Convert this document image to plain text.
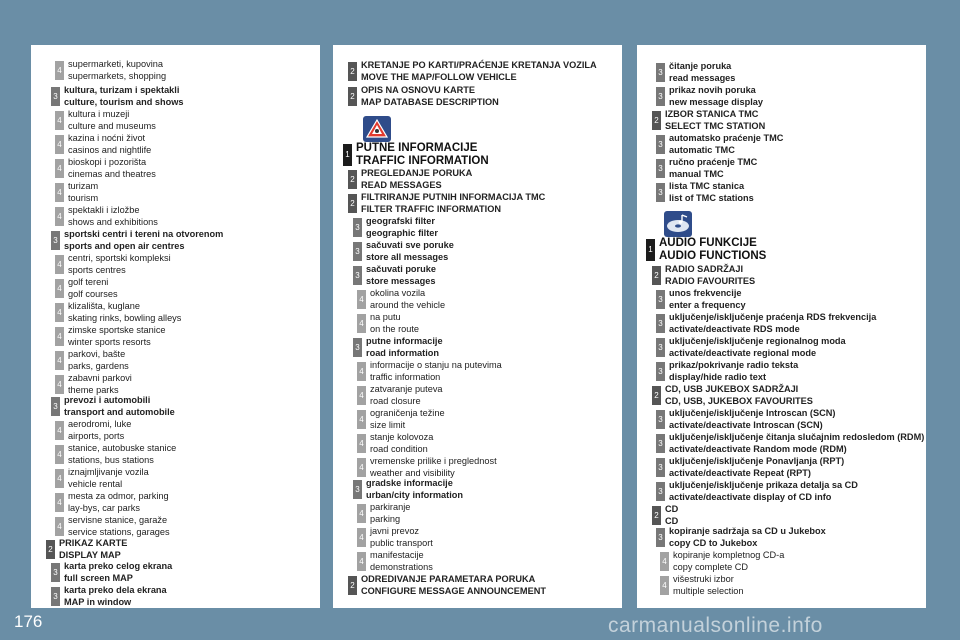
4
supermarketi, kupovina
supermarkets, shopping
3
kultura, turizam i spektakli
culture, tourism and shows
4
kultura i muzeji
culture and museums
4
kazina i noćni život
casinos and nightlife
4
bioskopi i pozorišta
cinemas and theatres
4
turizam
tourism
4
spektakli i izložbe
shows and exhibitions
3
sportski centri i tereni na otvorenom
sports and open air centres
4
centri, sportski kompleksi
sports centres
4
golf tereni
golf courses
4
klizališta, kuglane
skating rinks, bowling alleys
4
zimske sportske stanice
winter sports resorts
4
parkovi, bašte
parks, gardens
4
zabavni parkovi
theme parks
3
prevozi i automobili
transport and automobile
4
aerodromi, luke
airports, ports
4
stanice, autobuske stanice
stations, bus stations
4
iznajmljivanje vozila
vehicle rental
4
mesta za odmor, parking
lay-bys, car parks
4
servisne stanice, garaže
service stations, garages
2
PRIKAZ KARTE
DISPLAY MAP
3
karta preko celog ekrana
full screen MAP
3
karta preko dela ekrana
MAP in window
2
KRETANJE PO KARTI/PRAĆENJE KRETANJA VOZILA
MOVE THE MAP/FOLLOW VEHICLE
2
OPIS NA OSNOVU KARTE
MAP DATABASE DESCRIPTION
1
PUTNE INFORMACIJE
TRAFFIC INFORMATION
2
PREGLEDANJE PORUKA
READ MESSAGES
2
FILTRIRANJE PUTNIH INFORMACIJA TMC
FILTER TRAFFIC INFORMATION
3
geografski filter
geographic filter
3
sačuvati sve poruke
store all messages
3
sačuvati poruke
store messages
4
okolina vozila
around the vehicle
4
na putu
on the route
3
putne informacije
road information
4
informacije o stanju na putevima
traffic information
4
zatvaranje puteva
road closure
4
ograničenja težine
size limit
4
stanje kolovoza
road condition
4
vremenske prilike i preglednost
weather and visibility
3
gradske informacije
urban/city information
4
parkiranje
parking
4
javni prevoz
public transport
4
manifestacije
demonstrations
2
ODREDIVANJE PARAMETARA PORUKA
CONFIGURE MESSAGE ANNOUNCEMENT
3
čitanje poruka
read messages
3
prikaz novih poruka
new message display
2
IZBOR STANICA TMC
SELECT TMC STATION
3
automatsko praćenje TMC
automatic TMC
3
ručno praćenje TMC
manual TMC
3
lista TMC stanica
list of TMC stations
1
AUDIO FUNKCIJE
AUDIO FUNCTIONS
2
RADIO SADRŽAJI
RADIO FAVOURITES
3
unos frekvencije
enter a frequency
3
uključenje/isključenje praćenja RDS frekvencija
activate/deactivate RDS mode
3
uključenje/isključenje regionalnog moda
activate/deactivate regional mode
3
prikaz/pokrivanje radio teksta
display/hide radio text
2
CD, USB JUKEBOX SADRŽAJI
CD, USB, JUKEBOX FAVOURITES
3
uključenje/isključenje Introscan (SCN)
activate/deactivate Introscan (SCN)
3
uključenje/isključenje čitanja slučajnim redosledom (RDM)
activate/deactivate Random mode (RDM)
3
uključenje/isključenje Ponavljanja (RPT)
activate/deactivate Repeat (RPT)
3
uključenje/isključenje prikaza detalja sa CD
activate/deactivate display of CD info
2
CD
CD
3
kopiranje sadržaja sa CD u Jukebox
copy CD to Jukebox
4
kopiranje kompletnog CD-a
copy complete CD
4
višestruki izbor
multiple selection
176	carmanualsonline.info
